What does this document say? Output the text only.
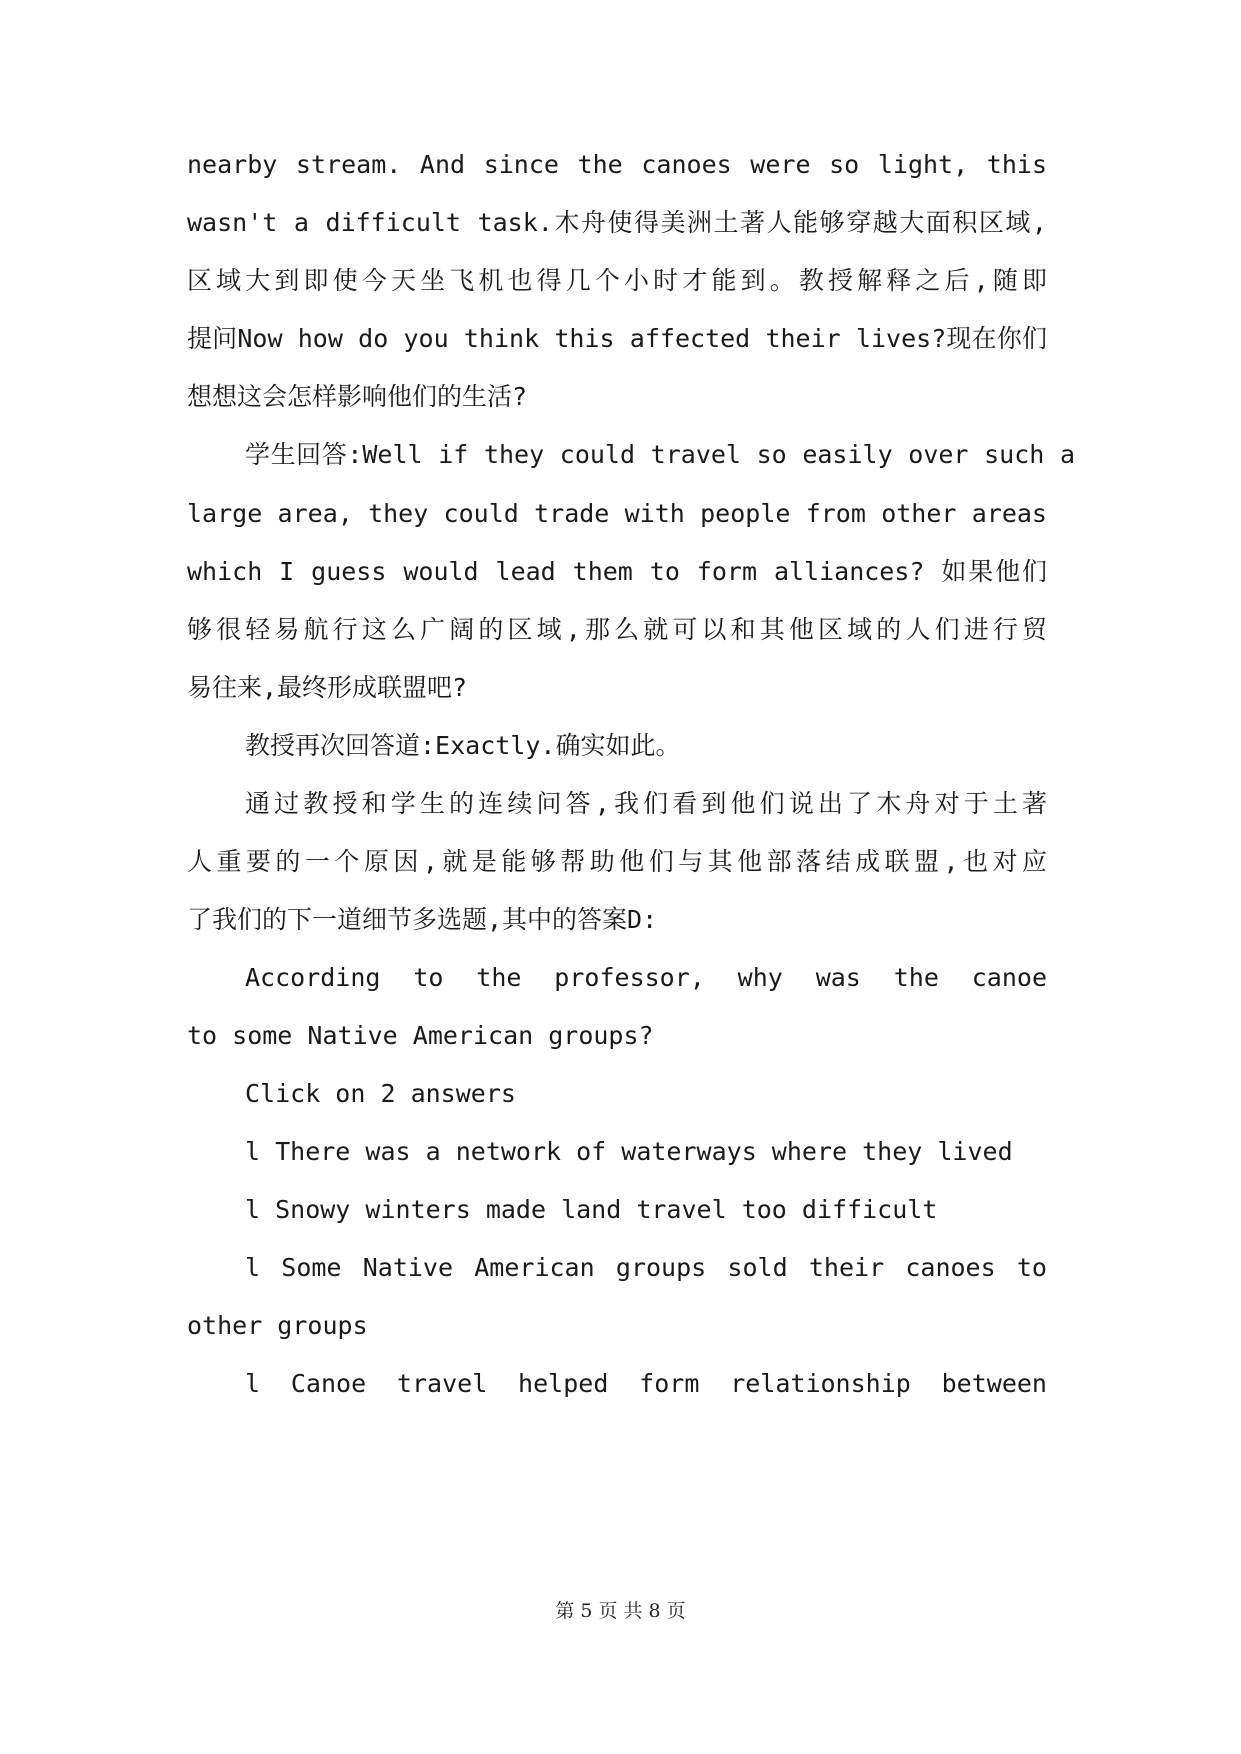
nearby stream. And since the canoes were so light, this
wasn't a difficult task.木舟使得美洲土著人能够穿越大面积区域,
区域大到即使今天坐飞机也得几个小时才能到。教授解释之后,随即
提问Now how do you think this affected their lives?现在你们
想想这会怎样影响他们的生活?
学生回答:Well if they could travel so easily over such a
large area, they could trade with people from other areas
which I guess would lead them to form alliances? 如果他们
够很轻易航行这么广阔的区域,那么就可以和其他区域的人们进行贸
易往来,最终形成联盟吧?
教授再次回答道:Exactly.确实如此。
通过教授和学生的连续问答,我们看到他们说出了木舟对于土著
人重要的一个原因,就是能够帮助他们与其他部落结成联盟,也对应
了我们的下一道细节多选题,其中的答案D:
According to the professor, why was the canoe
to some Native American groups?
Click on 2 answers
l There was a network of waterways where they lived
l Snowy winters made land travel too difficult
l Some Native American groups sold their canoes to
other groups
l Canoe travel helped form relationship between
第 5 页 共 8 页
